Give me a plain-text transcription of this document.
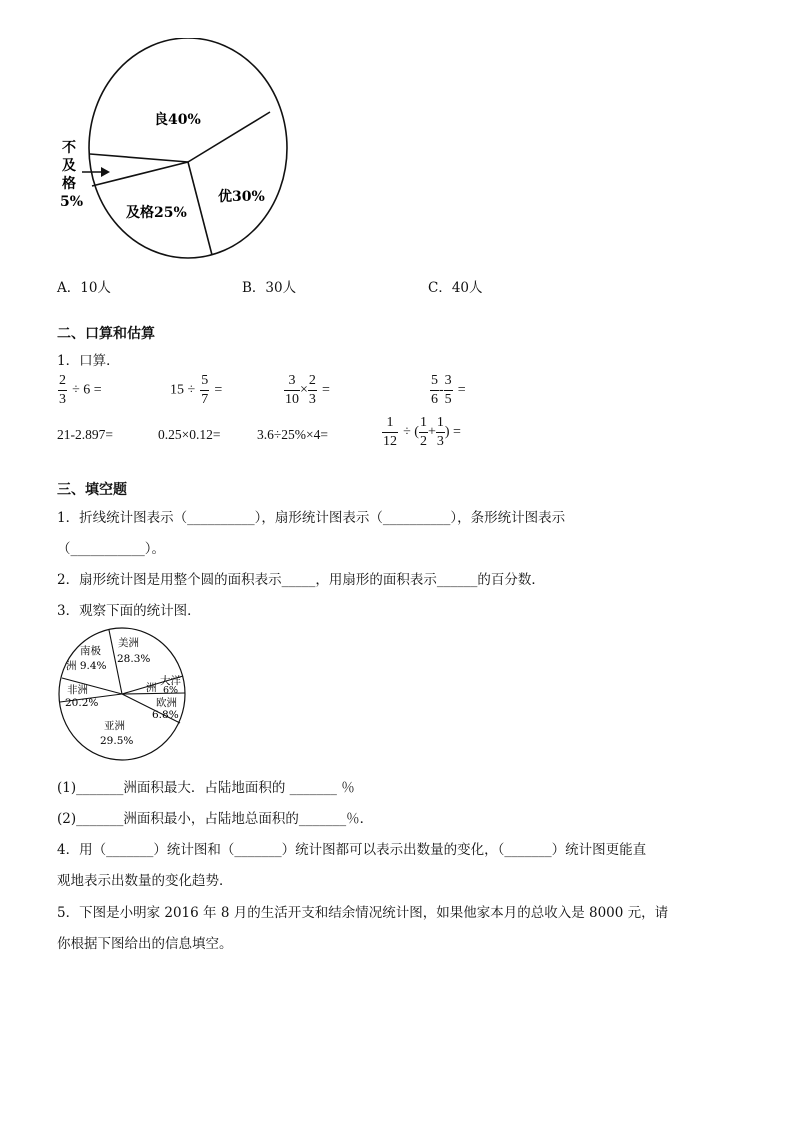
良40%
优30%
及格25%
不
及
格
5%
A．10人	B．30人	C．40人
二、口算和估算
1．口算．
$\frac{2}{3} \div 6$ =	$15 \div \frac{5}{7}$ =	$\frac{3}{10} \times \frac{2}{3}$ =	$\frac{5}{6} - \frac{3}{5}$ =
21-2.897=	0.25×0.12=	3.6÷25%×4=	$\frac{1}{12}$ ÷ ( $\frac{1}{2} + \frac{1}{3}$ ) =
三、填空题
1．折线统计图表示（__________），扇形统计图表示（__________），条形统计图表示
（___________）。
2．扇形统计图是用整个圆的面积表示_____，用扇形的面积表示______的百分数．
3．观察下面的统计图．
美洲
28.3%
南极
洲 9.4%
大洋
洲 6%
欧洲
6.8%
非洲
20.2%
亚洲
29.5%
(1)_______洲面积最大．占陆地面积的 _______ ％
(2)_______洲面积最小，占陆地总面积的_______％．
4．用（_______）统计图和（_______）统计图都可以表示出数量的变化，（_______）统计图更能直
观地表示出数量的变化趋势．
5．下图是小明家 2016 年 8 月的生活开支和结余情况统计图，如果他家本月的总收入是 8000 元，请
你根据下图给出的信息填空。
